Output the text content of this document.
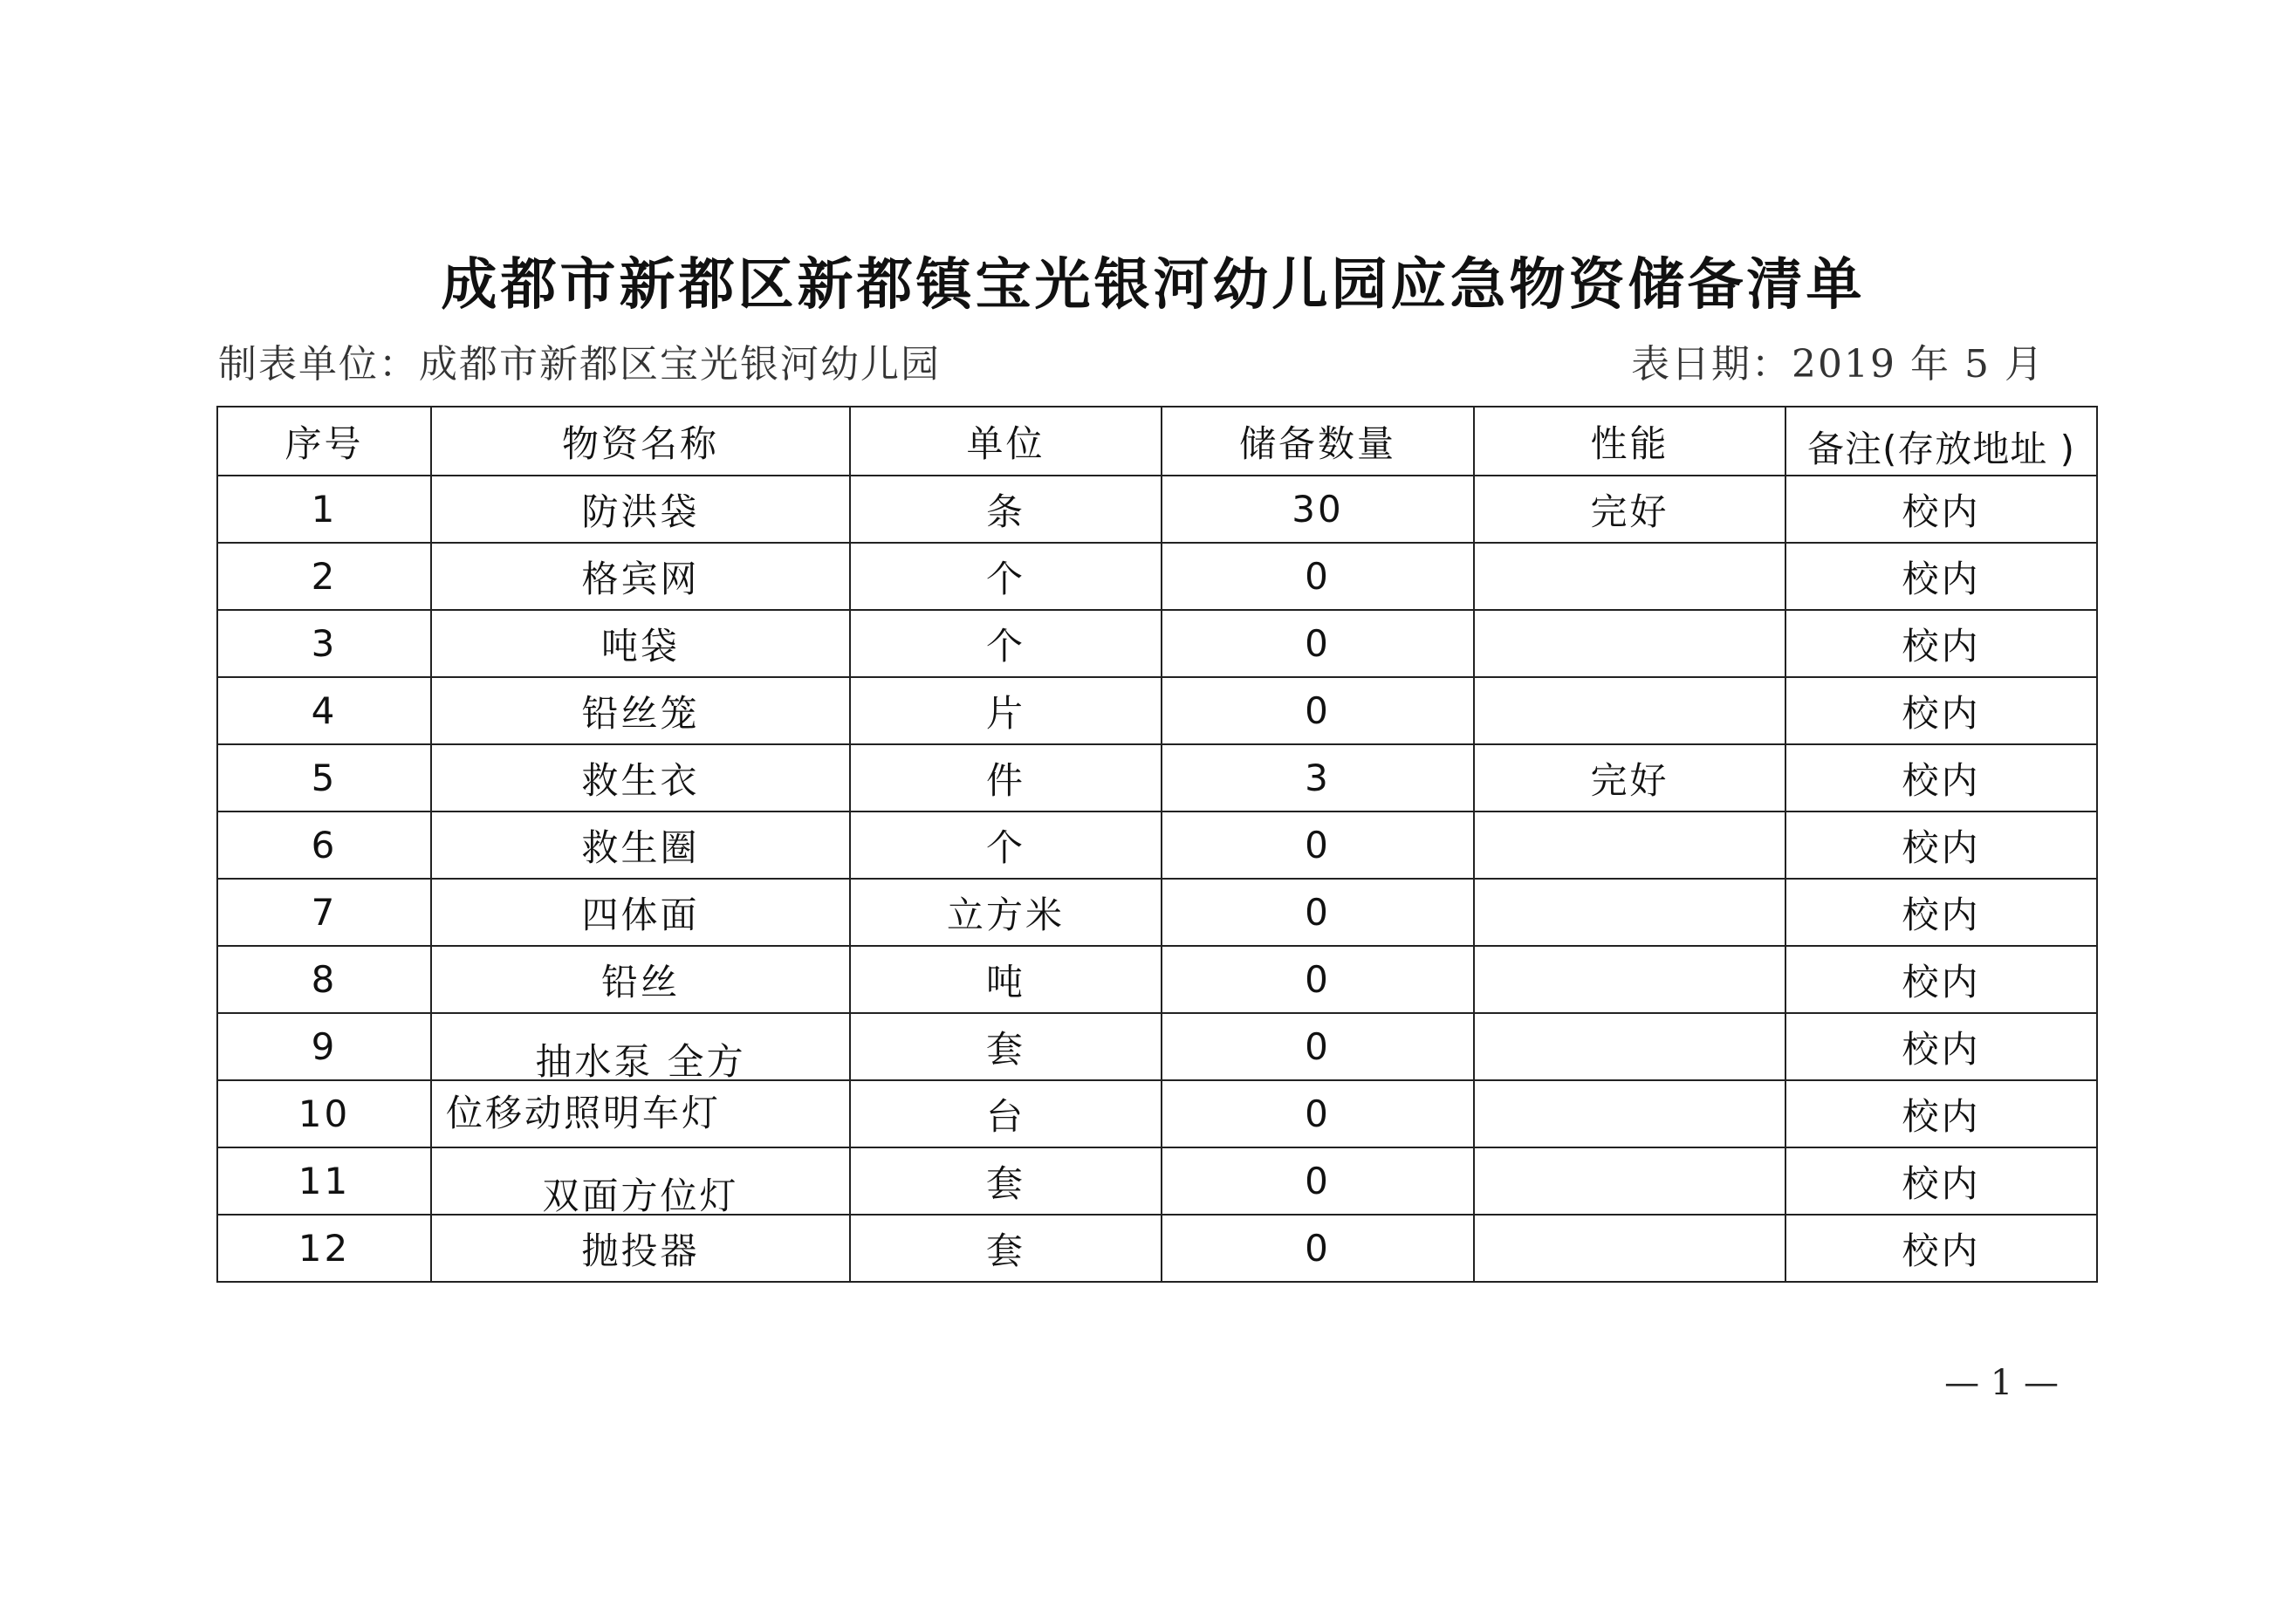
成都市新都区新都镇宝光银河幼儿园应急物资储备清单
制表单位：成都市新都区宝光银河幼儿园	表日期：2019 年 5 月
序号	物资名称	单位	储备数量	性能	备注(存放地址 )
1	防洪袋	条	30	完好	校内
2	格宾网	个	0		校内
3	吨袋	个	0		校内
4	铅丝笼	片	0		校内
5	救生衣	件	3	完好	校内
6	救生圈	个	0		校内
7	四体面	立方米	0		校内
8	铅丝	吨	0		校内
9	抽水泵 全方	套	0		校内
10	位移动照明车灯	台	0		校内
11	双面方位灯	套	0		校内
12	抛投器	套	0		校内
— 1 —
